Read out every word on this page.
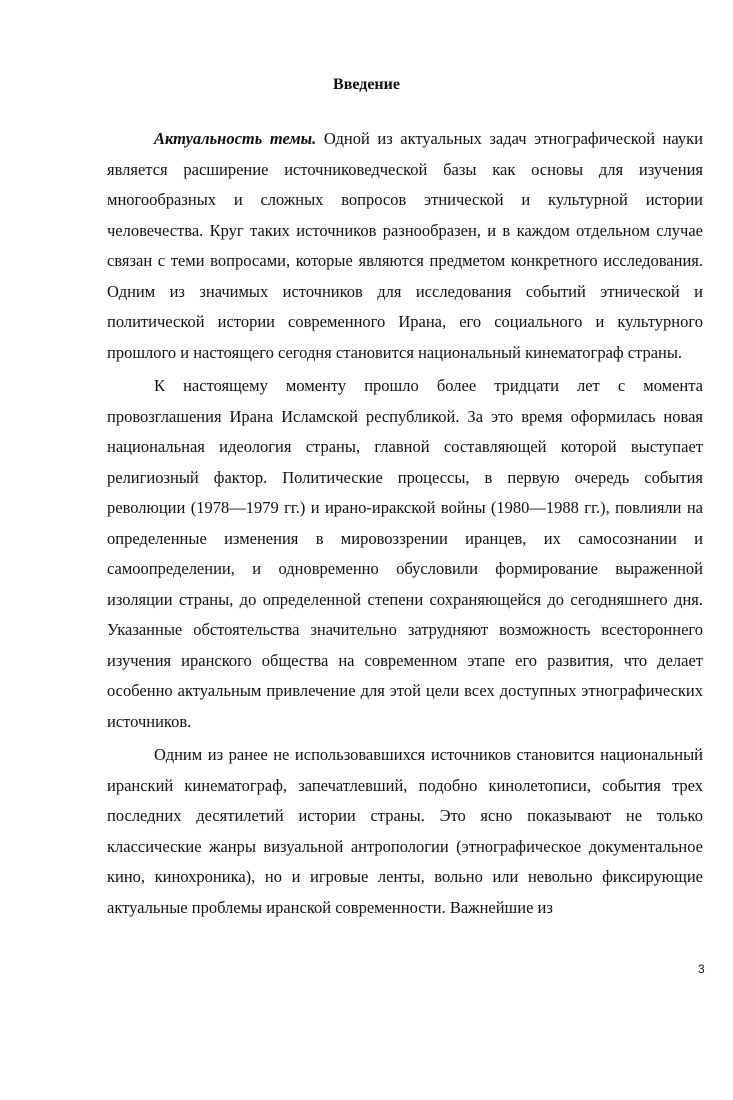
Введение

Актуальность темы. Одной из актуальных задач этнографической науки является расширение источниковедческой базы как основы для изучения многообразных и сложных вопросов этнической и культурной истории человечества. Круг таких источников разнообразен, и в каждом отдельном случае связан с теми вопросами, которые являются предметом конкретного исследования. Одним из значимых источников для исследования событий этнической и политической истории современного Ирана, его социального и культурного прошлого и настоящего сегодня становится национальный кинематограф страны.

К настоящему моменту прошло более тридцати лет с момента провозглашения Ирана Исламской республикой. За это время оформилась новая национальная идеология страны, главной составляющей которой выступает религиозный фактор. Политические процессы, в первую очередь события революции (1978—1979 гг.) и ирано-иракской войны (1980—1988 гг.), повлияли на определенные изменения в мировоззрении иранцев, их самосознании и самоопределении, и одновременно обусловили формирование выраженной изоляции страны, до определенной степени сохраняющейся до сегодняшнего дня. Указанные обстоятельства значительно затрудняют возможность всестороннего изучения иранского общества на современном этапе его развития, что делает особенно актуальным привлечение для этой цели всех доступных этнографических источников.

Одним из ранее не использовавшихся источников становится национальный иранский кинематограф, запечатлевший, подобно кинолетописи, события трех последних десятилетий истории страны. Это ясно показывают не только классические жанры визуальной антропологии (этнографическое документальное кино, кинохроника), но и игровые ленты, вольно или невольно фиксирующие актуальные проблемы иранской современности. Важнейшие из

3
